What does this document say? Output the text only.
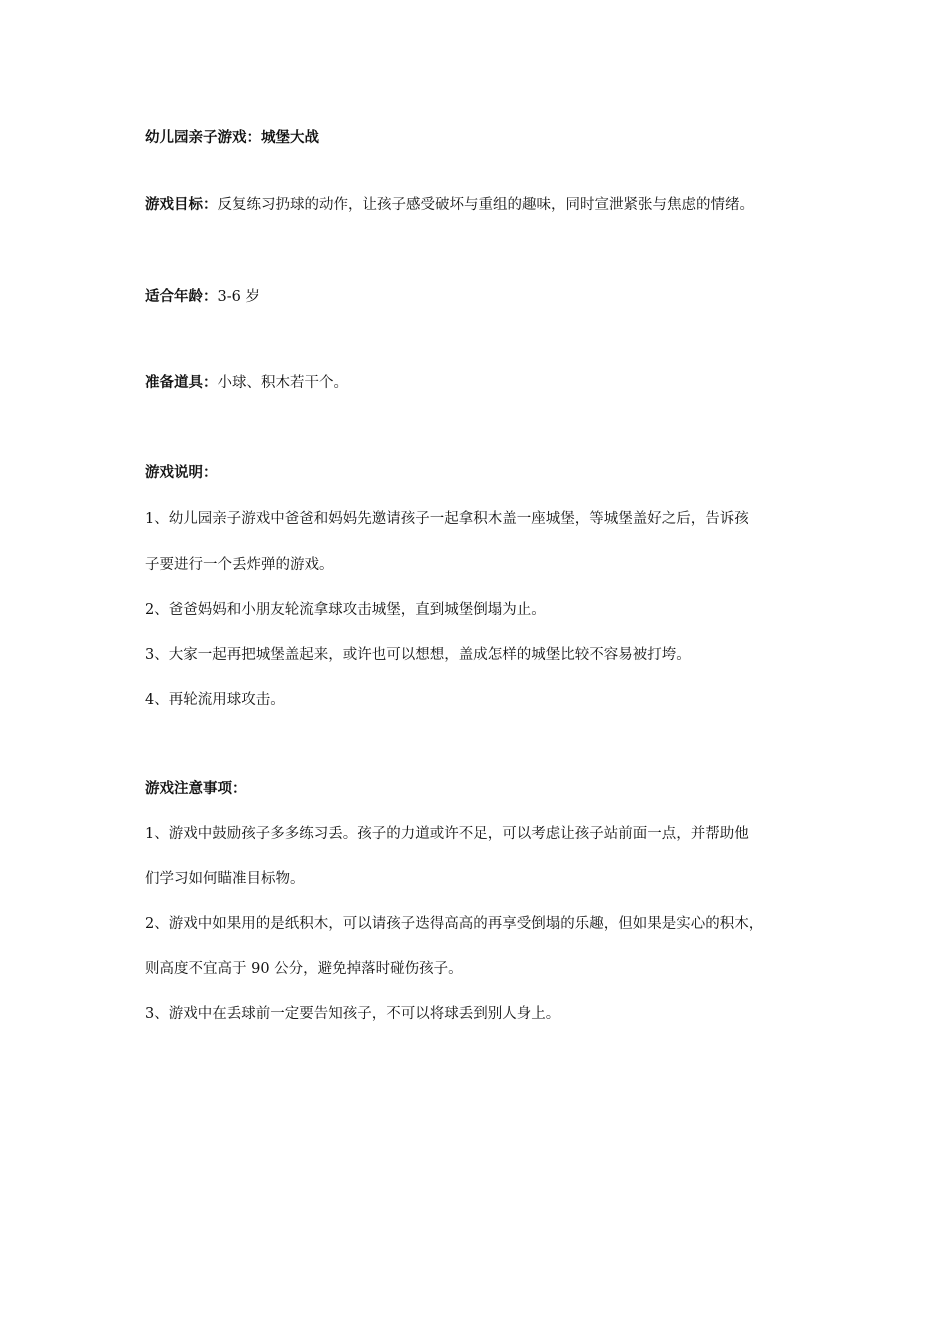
幼儿园亲子游戏：城堡大战
游戏目标：反复练习扔球的动作，让孩子感受破坏与重组的趣味，同时宣泄紧张与焦虑的情绪。
适合年龄：3-6 岁
准备道具：小球、积木若干个。
游戏说明：
1、幼儿园亲子游戏中爸爸和妈妈先邀请孩子一起拿积木盖一座城堡，等城堡盖好之后，告诉孩
子要进行一个丢炸弹的游戏。
2、爸爸妈妈和小朋友轮流拿球攻击城堡，直到城堡倒塌为止。
3、大家一起再把城堡盖起来，或许也可以想想，盖成怎样的城堡比较不容易被打垮。
4、再轮流用球攻击。
游戏注意事项：
1、游戏中鼓励孩子多多练习丢。孩子的力道或许不足，可以考虑让孩子站前面一点，并帮助他
们学习如何瞄准目标物。
2、游戏中如果用的是纸积木，可以请孩子迭得高高的再享受倒塌的乐趣，但如果是实心的积木，
则高度不宜高于 90 公分，避免掉落时碰伤孩子。
3、游戏中在丢球前一定要告知孩子，不可以将球丢到别人身上。
